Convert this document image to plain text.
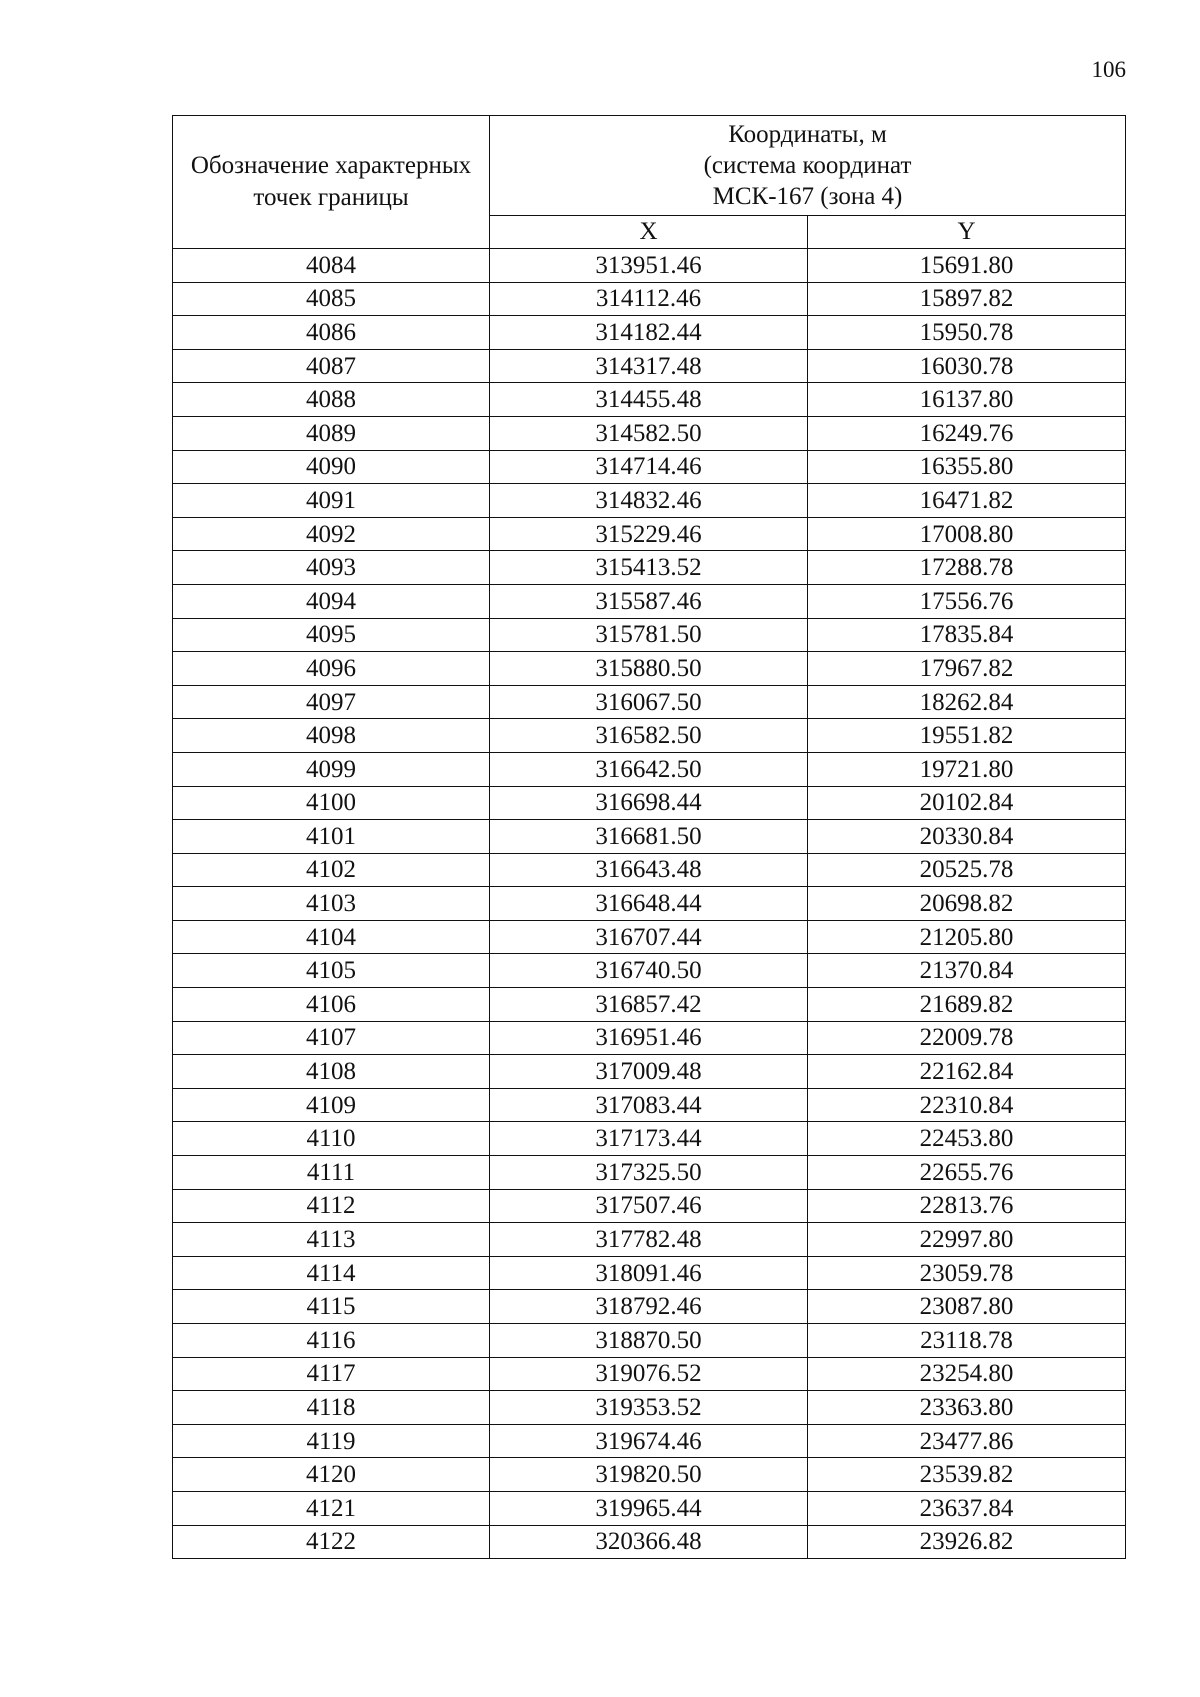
106
Обозначение характерных точек границы	Координаты, м
(система координат
МСК-167 (зона 4)	

	X	Y
4084	313951.46	15691.80
4085	314112.46	15897.82
4086	314182.44	15950.78
4087	314317.48	16030.78
4088	314455.48	16137.80
4089	314582.50	16249.76
4090	314714.46	16355.80
4091	314832.46	16471.82
4092	315229.46	17008.80
4093	315413.52	17288.78
4094	315587.46	17556.76
4095	315781.50	17835.84
4096	315880.50	17967.82
4097	316067.50	18262.84
4098	316582.50	19551.82
4099	316642.50	19721.80
4100	316698.44	20102.84
4101	316681.50	20330.84
4102	316643.48	20525.78
4103	316648.44	20698.82
4104	316707.44	21205.80
4105	316740.50	21370.84
4106	316857.42	21689.82
4107	316951.46	22009.78
4108	317009.48	22162.84
4109	317083.44	22310.84
4110	317173.44	22453.80
4111	317325.50	22655.76
4112	317507.46	22813.76
4113	317782.48	22997.80
4114	318091.46	23059.78
4115	318792.46	23087.80
4116	318870.50	23118.78
4117	319076.52	23254.80
4118	319353.52	23363.80
4119	319674.46	23477.86
4120	319820.50	23539.82
4121	319965.44	23637.84
4122	320366.48	23926.82
